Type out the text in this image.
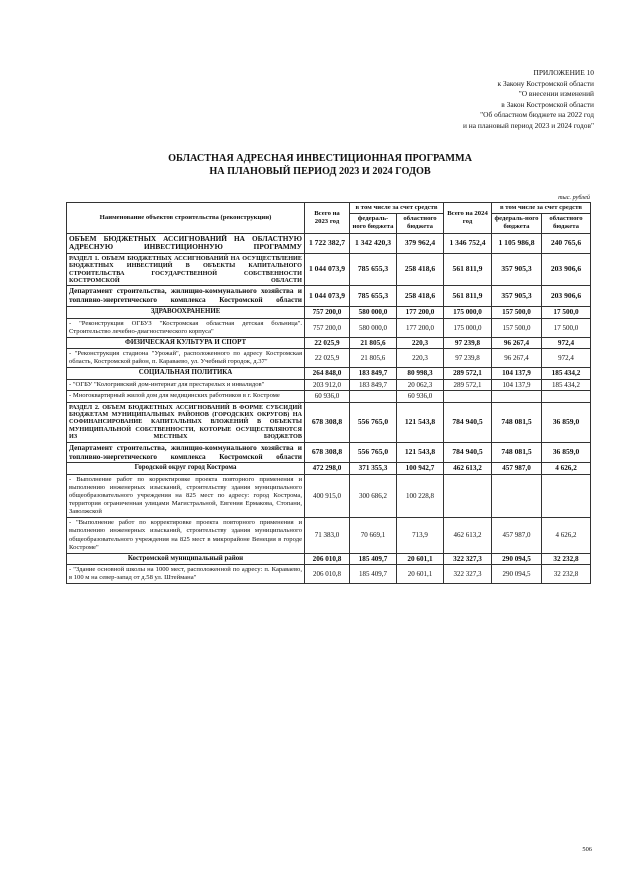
ПРИЛОЖЕНИЕ 10
к Закону Костромской области
"О внесении изменений
в Закон Костромской области
"Об областном бюджете на 2022 год
и на плановый период 2023 и 2024 годов"
ОБЛАСТНАЯ АДРЕСНАЯ ИНВЕСТИЦИОННАЯ ПРОГРАММА
НА ПЛАНОВЫЙ ПЕРИОД 2023 И 2024 ГОДОВ
тыс. рублей
Наименование объектов строительства (реконструкции)	Всего на 2023 год	в том числе за счет средств		Всего на 2024 год	в том числе за счет средств	
		федераль-ного бюджета	областного бюджета		федераль-ного бюджета	областного бюджета
ОБЪЕМ БЮДЖЕТНЫХ АССИГНОВАНИЙ НА ОБЛАСТНУЮ АДРЕСНУЮ ИНВЕСТИЦИОННУЮ ПРОГРАММУ	1 722 382,7	1 342 420,3	379 962,4	1 346 752,4	1 105 986,8	240 765,6
РАЗДЕЛ 1. ОБЪЕМ БЮДЖЕТНЫХ АССИГНОВАНИЙ НА ОСУЩЕСТВЛЕНИЕ БЮДЖЕТНЫХ ИНВЕСТИЦИЙ В ОБЪЕКТЫ КАПИТАЛЬНОГО СТРОИТЕЛЬСТВА ГОСУДАРСТВЕННОЙ СОБСТВЕННОСТИ КОСТРОМСКОЙ ОБЛАСТИ	1 044 073,9	785 655,3	258 418,6	561 811,9	357 905,3	203 906,6
Департамент строительства, жилищно-коммунального хозяйства и топливно-энергетического комплекса Костромской области	1 044 073,9	785 655,3	258 418,6	561 811,9	357 905,3	203 906,6
ЗДРАВООХРАНЕНИЕ	757 200,0	580 000,0	177 200,0	175 000,0	157 500,0	17 500,0
- "Реконструкция ОГБУЗ "Костромская областная детская больница". Строительство лечебно-диагностического корпуса"	757 200,0	580 000,0	177 200,0	175 000,0	157 500,0	17 500,0
ФИЗИЧЕСКАЯ КУЛЬТУРА И СПОРТ	22 025,9	21 805,6	220,3	97 239,8	96 267,4	972,4
- "Реконструкция стадиона "Урожай", расположенного по адресу Костромская область, Костромской район, п. Караваево, ул. Учебный городок, д.37"	22 025,9	21 805,6	220,3	97 239,8	96 267,4	972,4
СОЦИАЛЬНАЯ ПОЛИТИКА	264 848,0	183 849,7	80 998,3	289 572,1	104 137,9	185 434,2
- "ОГБУ "Кологривский дом-интернат для престарелых и инвалидов"	203 912,0	183 849,7	20 062,3	289 572,1	104 137,9	185 434,2
- Многоквартирный жилой дом для медицинских работников в г. Костроме	60 936,0		60 936,0			
РАЗДЕЛ 2. ОБЪЕМ БЮДЖЕТНЫХ АССИГНОВАНИЙ В ФОРМЕ СУБСИДИЙ БЮДЖЕТАМ МУНИЦИПАЛЬНЫХ РАЙОНОВ (ГОРОДСКИХ ОКРУГОВ) НА СОФИНАНСИРОВАНИЕ КАПИТАЛЬНЫХ ВЛОЖЕНИЙ В ОБЪЕКТЫ МУНИЦИПАЛЬНОЙ СОБСТВЕННОСТИ, КОТОРЫЕ ОСУЩЕСТВЛЯЮТСЯ ИЗ МЕСТНЫХ БЮДЖЕТОВ	678 308,8	556 765,0	121 543,8	784 940,5	748 081,5	36 859,0
Департамент строительства, жилищно-коммунального хозяйства и топливно-энергетического комплекса Костромской области	678 308,8	556 765,0	121 543,8	784 940,5	748 081,5	36 859,0
Городской округ город Кострома	472 298,0	371 355,3	100 942,7	462 613,2	457 987,0	4 626,2
- Выполнение работ по корректировке проекта повторного применения и выполнению инженерных изысканий, строительству здания муниципального общеобразовательного учреждения на 825 мест по адресу: город Кострома, территория ограниченная улицами Магистральной, Евгения Ермакова, Стопани, Заволжской	400 915,0	300 686,2	100 228,8			
- "Выполнение работ по корректировке проекта повторного применения и выполнению инженерных изысканий, строительству здания муниципального общеобразовательного учреждения на 825 мест в микрорайоне Венеция в городе Костроме"	71 383,0	70 669,1	713,9	462 613,2	457 987,0	4 626,2
Костромской муниципальный район	206 010,8	185 409,7	20 601,1	322 327,3	290 094,5	32 232,8
- "Здание основной школы на 1000 мест, расположенной по адресу: п. Караваево, в 100 м на север-запад от д.58 ул. Штеймана"	206 010,8	185 409,7	20 601,1	322 327,3	290 094,5	32 232,8
506
